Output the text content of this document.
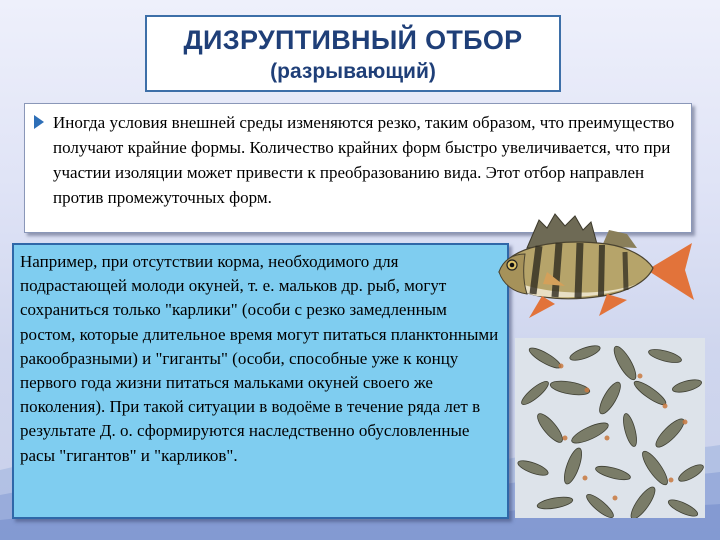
ДИЗРУПТИВНЫЙ ОТБОР
(разрывающий)
Иногда условия внешней среды изменяются резко, таким образом, что преимущество получают крайние формы. Количество крайних форм быстро увеличивается, что при участии изоляции может привести к преобразованию вида. Этот отбор направлен против промежуточных форм.
Например, при отсутствии корма, необходимого для подрастающей молоди окуней, т. е. мальков др. рыб, могут сохраниться только "карлики" (особи с резко замедленным ростом, которые длительное время могут питаться планктонными ракообразными) и "гиганты" (особи, способные уже к концу первого года жизни питаться мальками окуней своего же поколения). При такой ситуации в водоёме в течение ряда лет в результате Д. о. сформируются наследственно обусловленные расы "гигантов" и "карликов".
